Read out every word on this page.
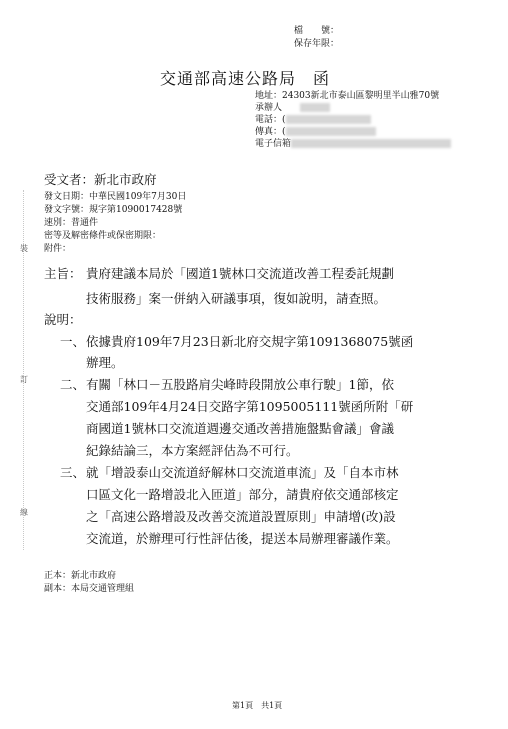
裝
訂
線
檔　　號：
保存年限：
交通部高速公路局　函
地址：24303新北市泰山區黎明里半山雅70號
承辦人
電話：(
傳真：(
電子信箱
受文者：新北市政府
發文日期：中華民國109年7月30日
發文字號：規字第1090017428號
速別：普通件
密等及解密條件或保密期限：
附件：
主旨： 貴府建議本局於「國道1號林口交流道改善工程委託規劃
技術服務」案一併納入研議事項，復如說明，請查照。
說明：
一、 依據貴府109年7月23日新北府交規字第1091368075號函
辦理。
二、 有關「林口－五股路肩尖峰時段開放公車行駛」1節，依
交通部109年4月24日交路字第1095005111號函所附「研
商國道1號林口交流道週邊交通改善措施盤點會議」會議
紀錄結論三，本方案經評估為不可行。
三、 就「增設泰山交流道紓解林口交流道車流」及「自本市林
口區文化一路增設北入匝道」部分，請貴府依交通部核定
之「高速公路增設及改善交流道設置原則」申請增(改)設
交流道，於辦理可行性評估後，提送本局辦理審議作業。
正本：新北市政府
副本：本局交通管理組
第1頁　共1頁
